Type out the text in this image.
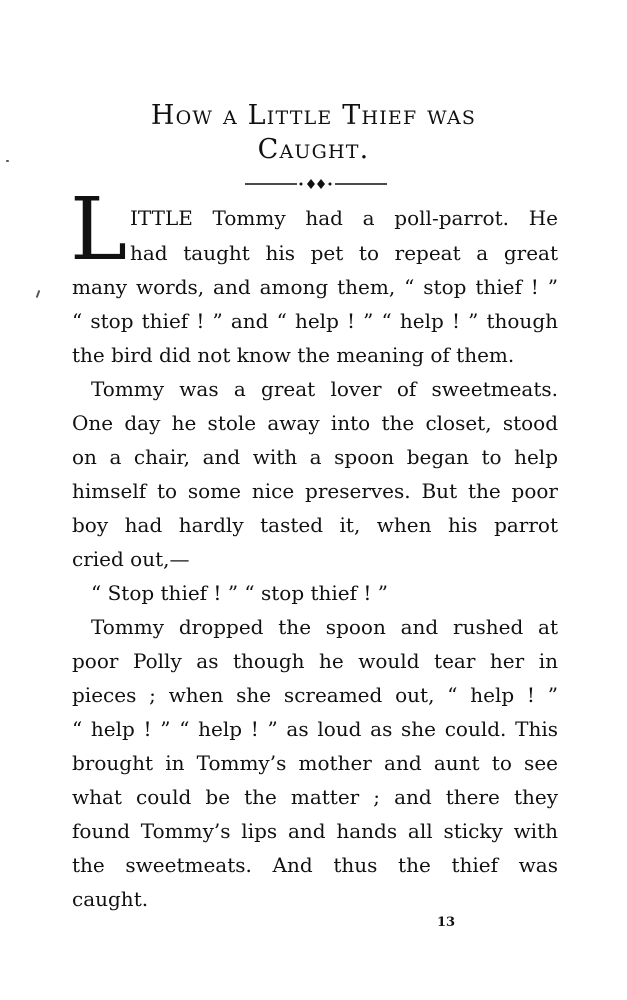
How a Little Thief was
Caught.
L ITTLE Tommy had a poll-parrot. He
had taught his pet to repeat a great
many words, and among them, “ stop thief ! ”
“ stop thief ! ” and “ help ! ” “ help ! ” though
the bird did not know the meaning of them.
Tommy was a great lover of sweetmeats.
One day he stole away into the closet, stood
on a chair, and with a spoon began to help
himself to some nice preserves. But the poor
boy had hardly tasted it, when his parrot
cried out,—
“ Stop thief ! ” “ stop thief ! ”
Tommy dropped the spoon and rushed at
poor Polly as though he would tear her in
pieces ; when she screamed out, “ help ! ”
“ help ! ” “ help ! ” as loud as she could. This
brought in Tommy’s mother and aunt to see
what could be the matter ; and there they
found Tommy’s lips and hands all sticky with
the sweetmeats. And thus the thief was
caught.
13
